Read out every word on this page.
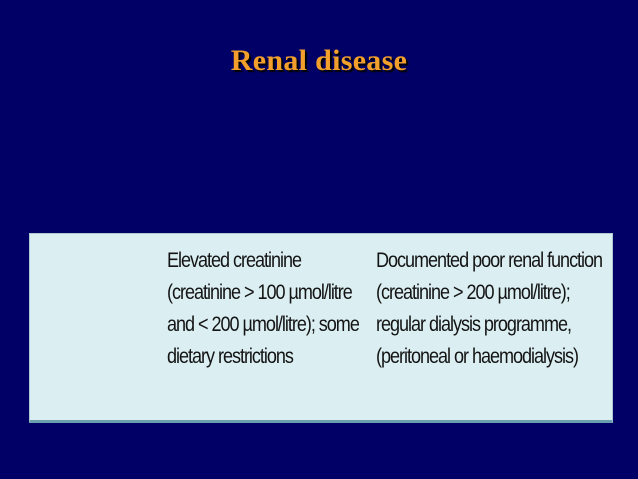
Renal disease
Elevated creatinine
(creatinine > 100 µmol/litre
and < 200 µmol/litre); some
dietary restrictions
Documented poor renal function
(creatinine > 200 µmol/litre);
regular dialysis programme,
(peritoneal or haemodialysis)
